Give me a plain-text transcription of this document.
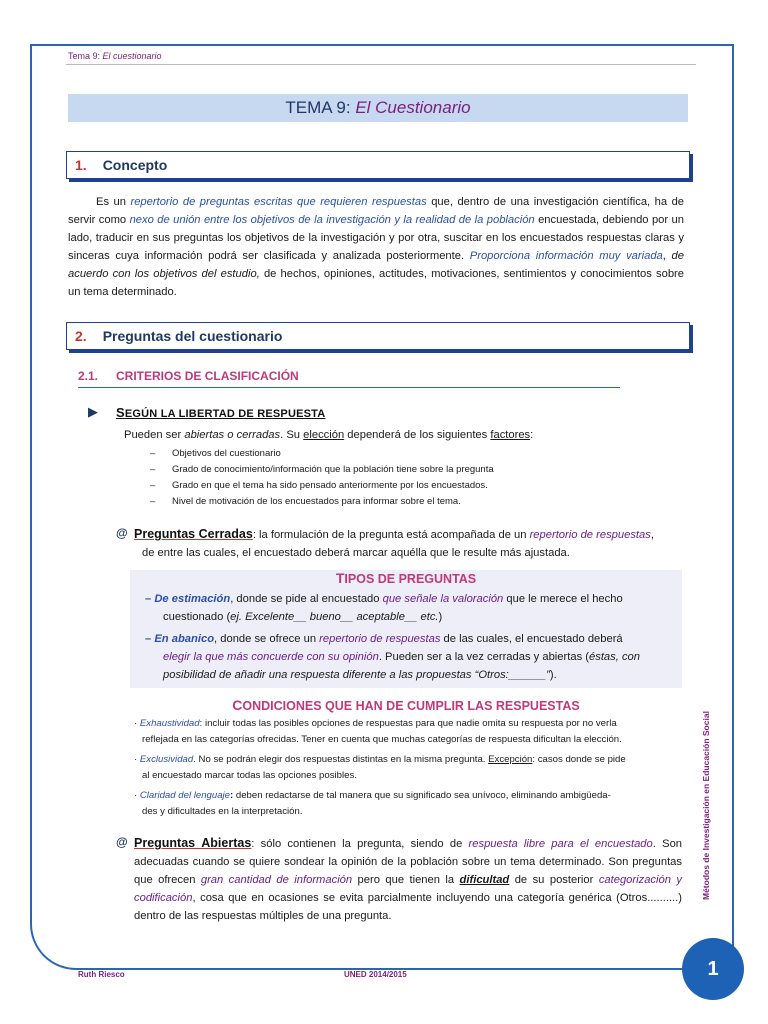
Tema 9: El cuestionario
TEMA 9: El Cuestionario
1. Concepto
Es un repertorio de preguntas escritas que requieren respuestas que, dentro de una investigación científica, ha de servir como nexo de unión entre los objetivos de la investigación y la realidad de la población encuestada, debiendo por un lado, traducir en sus preguntas los objetivos de la investigación y por otra, suscitar en los encuestados respuestas claras y sinceras cuya información podrá ser clasificada y analizada posteriormente. Proporciona información muy variada, de acuerdo con los objetivos del estudio, de hechos, opiniones, actitudes, motivaciones, sentimientos y conocimientos sobre un tema determinado.
2. Preguntas del cuestionario
2.1. CRITERIOS DE CLASIFICACIÓN
▶ SEGÚN LA LIBERTAD DE RESPUESTA
Pueden ser abiertas o cerradas. Su elección dependerá de los siguientes factores:
– Objetivos del cuestionario
– Grado de conocimiento/información que la población tiene sobre la pregunta
– Grado en que el tema ha sido pensado anteriormente por los encuestados.
– Nivel de motivación de los encuestados para informar sobre el tema.
@ Preguntas Cerradas: la formulación de la pregunta está acompañada de un repertorio de respuestas,
de entre las cuales, el encuestado deberá marcar aquélla que le resulte más ajustada.
TIPOS DE PREGUNTAS
– De estimación, donde se pide al encuestado que señale la valoración que le merece el hecho
cuestionado (ej. Excelente__ bueno__ aceptable__ etc.)
– En abanico, donde se ofrece un repertorio de respuestas de las cuales, el encuestado deberá
elegir la que más concuerde con su opinión. Pueden ser a la vez cerradas y abiertas (éstas, con
posibilidad de añadir una respuesta diferente a las propuestas “Otros:______”).
CONDICIONES QUE HAN DE CUMPLIR LAS RESPUESTAS
· Exhaustividad: incluir todas las posibles opciones de respuestas para que nadie omita su respuesta por no verla
reflejada en las categorías ofrecidas. Tener en cuenta que muchas categorías de respuesta dificultan la elección.
· Exclusividad. No se podrán elegir dos respuestas distintas en la misma pregunta. Excepción: casos donde se pide
al encuestado marcar todas las opciones posibles.
· Claridad del lenguaje: deben redactarse de tal manera que su significado sea unívoco, eliminando ambigüeda-
des y dificultades en la interpretación.
@ Preguntas Abiertas: sólo contienen la pregunta, siendo de respuesta libre para el encuestado. Son adecuadas cuando se quiere sondear la opinión de la población sobre un tema determinado. Son preguntas que ofrecen gran cantidad de información pero que tienen la dificultad de su posterior categorización y codificación, cosa que en ocasiones se evita parcialmente incluyendo una categoría genérica (Otros..........) dentro de las respuestas múltiples de una pregunta.
Métodos de Investigación en Educación Social
Ruth Riesco	UNED 2014/2015	1
